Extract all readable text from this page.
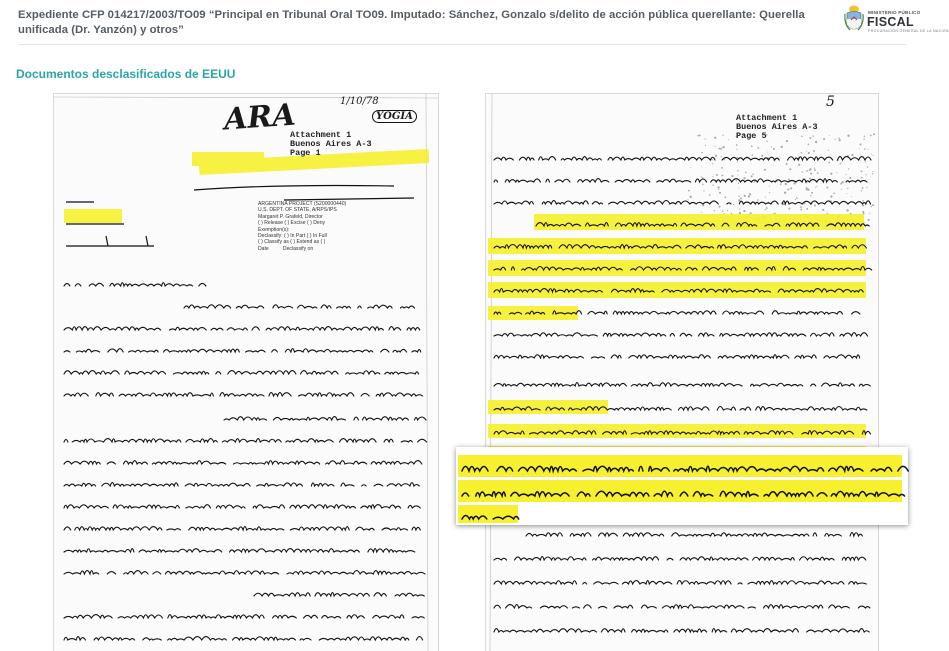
Expediente CFP 014217/2003/TO09 “Principal en Tribunal Oral TO09. Imputado: Sánchez, Gonzalo s/delito de acción pública querellante: Querella unificada (Dr. Yanzón) y otros”
MINISTERIO PÚBLICO
FISCAL
PROCURACIÓN GENERAL DE LA NACIÓN
Documentos desclasificados de EEUU
ARA	1/10/78
YOGIA
Attachment 1
Buenos Aires A-3
Page 1
ARGENTINA PROJECT (S200000440)
U.S. DEPT. OF STATE, A/RPS/IPS
Margaret P. Grafeld, Director
( ) Release ( ) Excise ( ) Deny
Exemption(s):
Declassify: ( ) In Part ( ) In Full
( ) Classify as ( ) Extend as ( )
Date          Declassify on
Attachment 1
Buenos Aires A-3
Page 5
5
